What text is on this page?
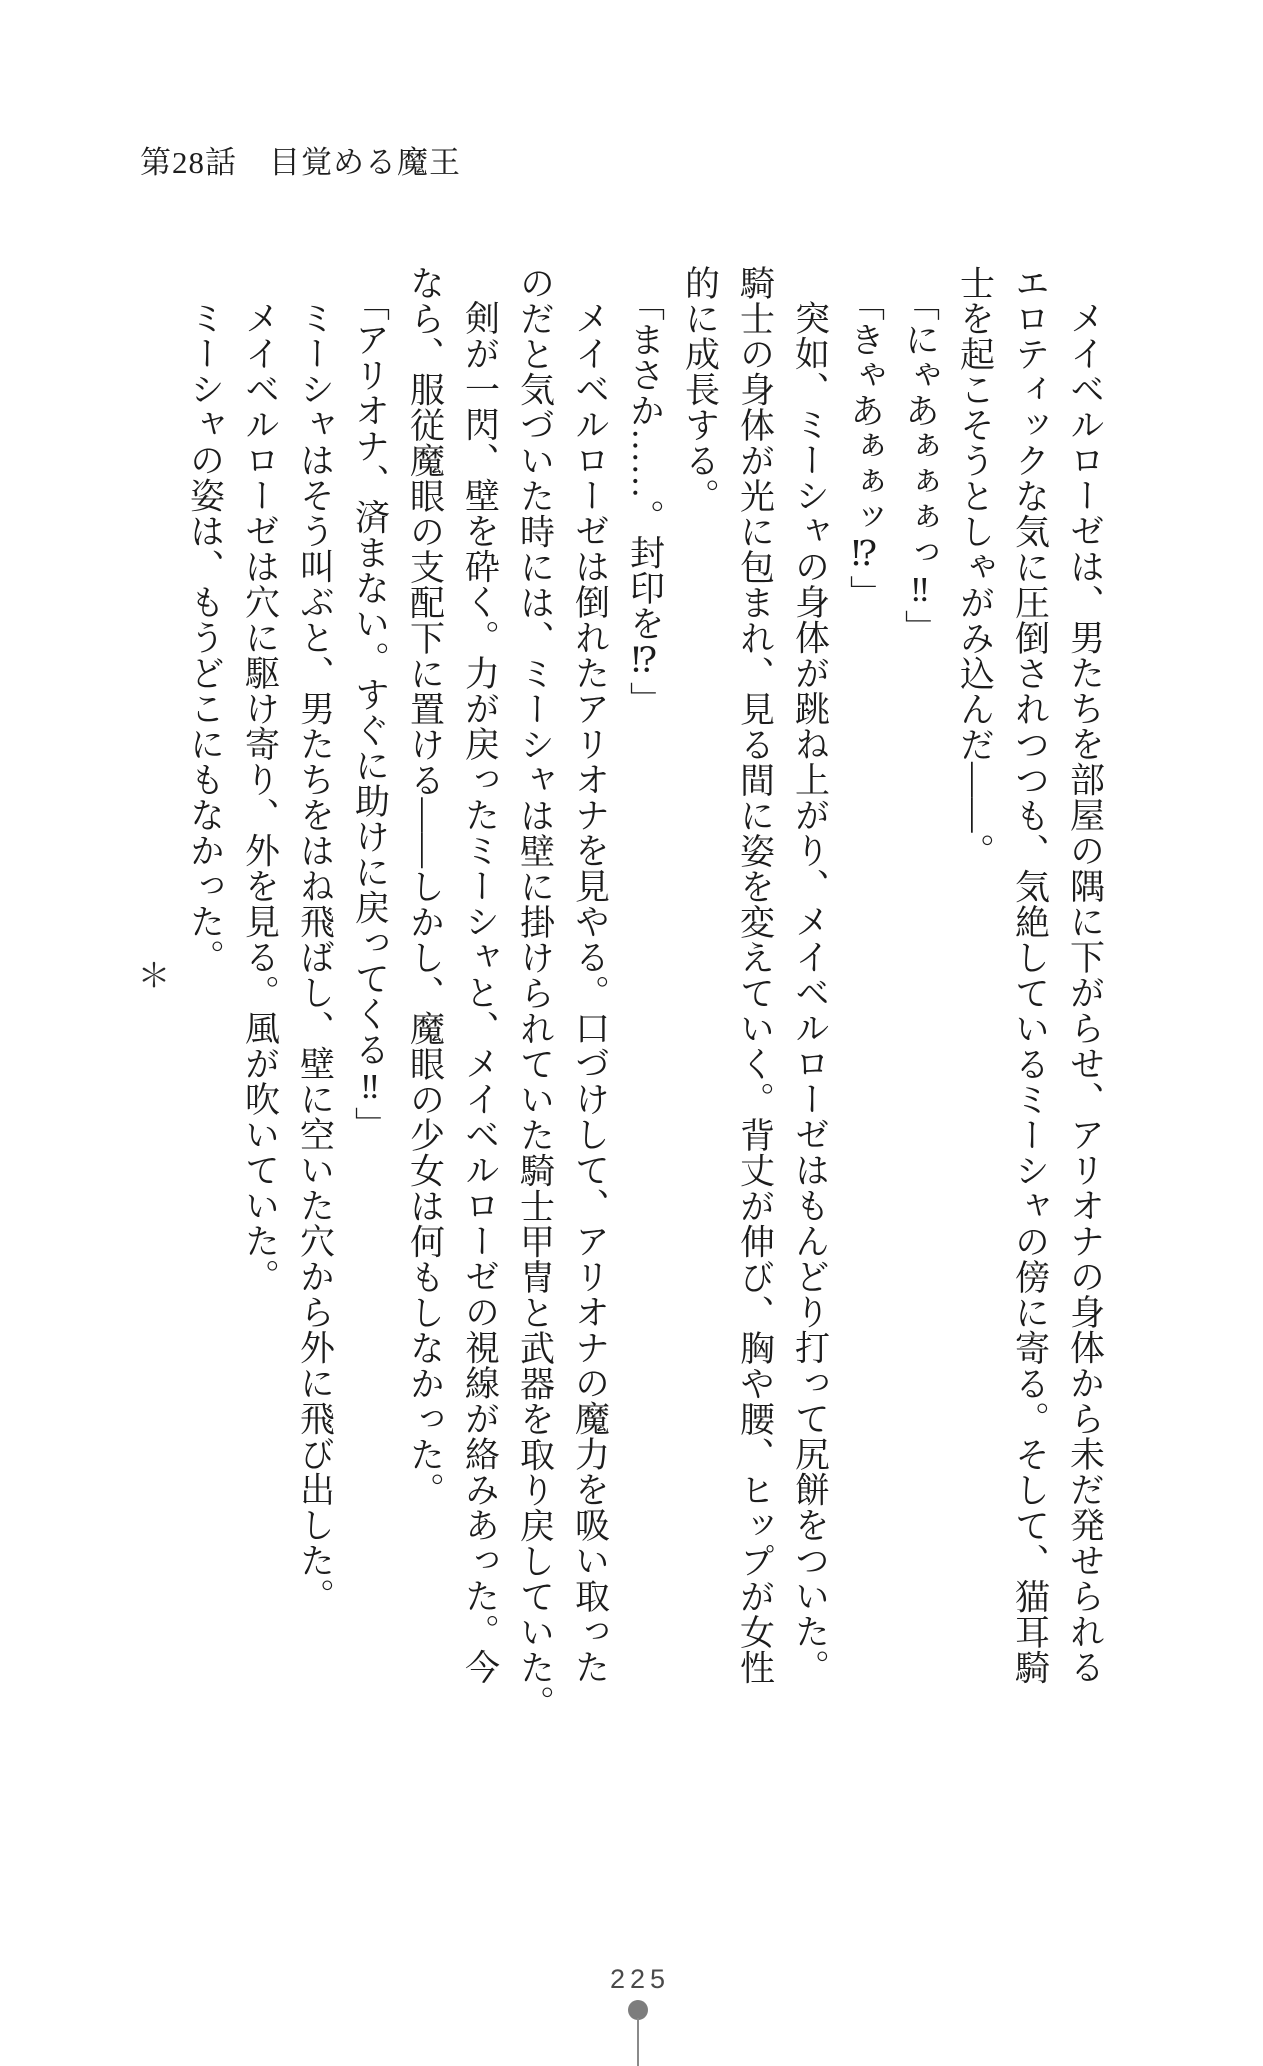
第28話　目覚める魔王
メイベルローゼは、男たちを部屋の隅に下がらせ、アリオナの身体から未だ発せられる
エロティックな気に圧倒されつつも、気絶しているミーシャの傍に寄る。そして、猫耳騎
士を起こそうとしゃがみ込んだ――。
「にゃあぁぁぁっ‼」
「きゃあぁぁッ⁉」
突如、ミーシャの身体が跳ね上がり、メイベルローゼはもんどり打って尻餅をついた。
騎士の身体が光に包まれ、見る間に姿を変えていく。背丈が伸び、胸や腰、ヒップが女性
的に成長する。
「まさか……。封印を⁉」
メイベルローゼは倒れたアリオナを見やる。口づけして、アリオナの魔力を吸い取った
のだと気づいた時には、ミーシャは壁に掛けられていた騎士甲冑と武器を取り戻していた。
剣が一閃、壁を砕く。力が戻ったミーシャと、メイベルローゼの視線が絡みあった。今
なら、服従魔眼の支配下に置ける――しかし、魔眼の少女は何もしなかった。
「アリオナ、済まない。すぐに助けに戻ってくる‼」
ミーシャはそう叫ぶと、男たちをはね飛ばし、壁に空いた穴から外に飛び出した。
メイベルローゼは穴に駆け寄り、外を見る。風が吹いていた。
ミーシャの姿は、もうどこにもなかった。
＊
225
